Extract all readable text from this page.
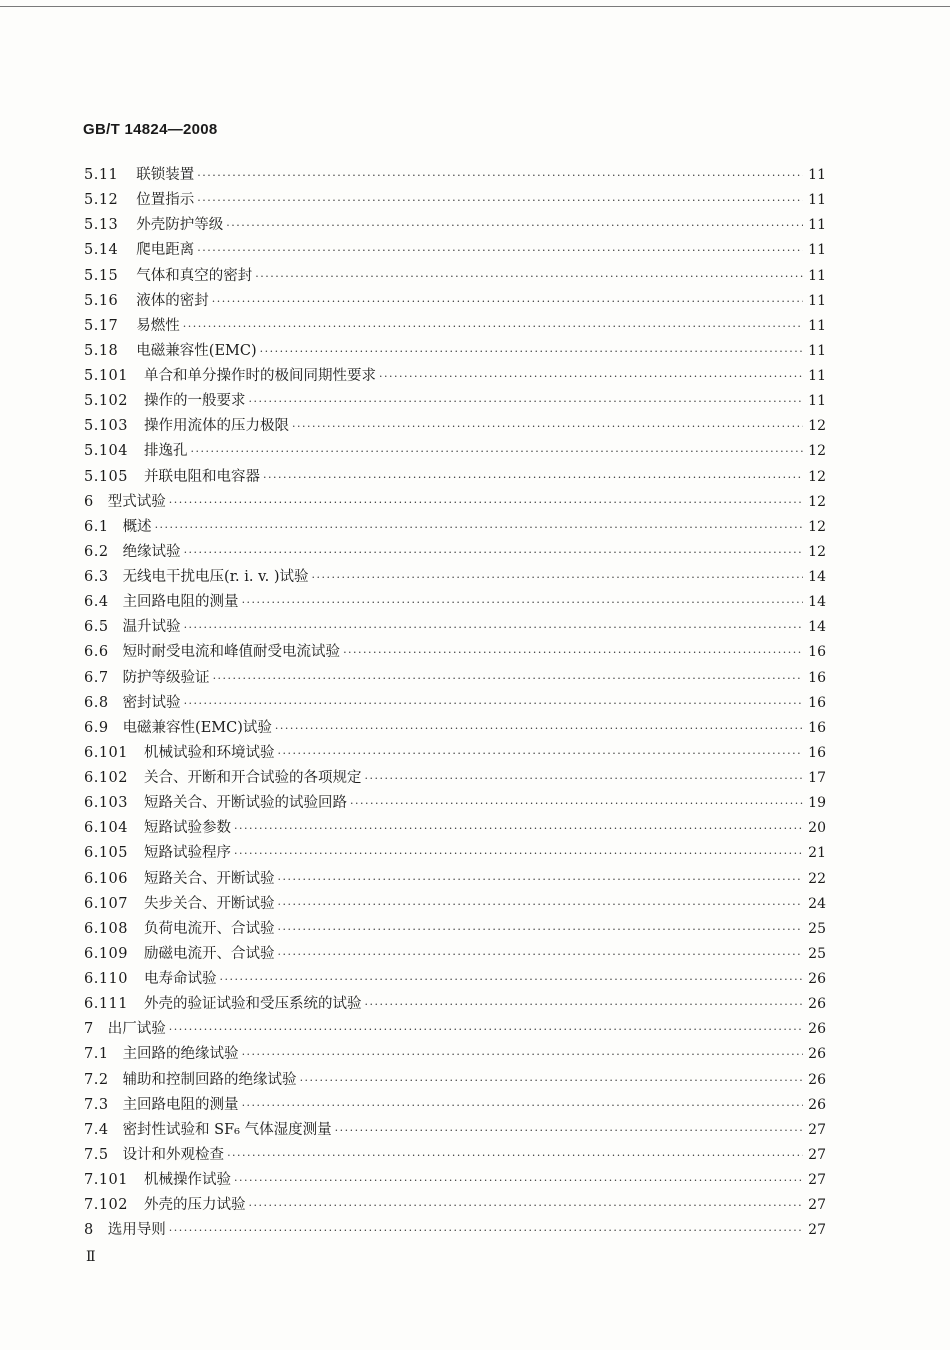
GB/T 14824—2008
5.11 联锁装置 ·····	11
5.12 位置指示 ·····	11
5.13 外壳防护等级 ·····	11
5.14 爬电距离 ·····	11
5.15 气体和真空的密封 ·····	11
5.16 液体的密封 ·····	11
5.17 易燃性 ·····	11
5.18 电磁兼容性(EMC) ·····	11
5.101 单合和单分操作时的极间同期性要求 ·····	11
5.102 操作的一般要求 ·····	11
5.103 操作用流体的压力极限 ·····	12
5.104 排逸孔 ·····	12
5.105 并联电阻和电容器 ·····	12
6 型式试验 ·····	12
6.1 概述 ·····	12
6.2 绝缘试验 ·····	12
6.3 无线电干扰电压(r. i. v. )试验 ·····	14
6.4 主回路电阻的测量 ·····	14
6.5 温升试验 ·····	14
6.6 短时耐受电流和峰值耐受电流试验 ·····	16
6.7 防护等级验证 ·····	16
6.8 密封试验 ·····	16
6.9 电磁兼容性(EMC)试验 ·····	16
6.101 机械试验和环境试验 ·····	16
6.102 关合、开断和开合试验的各项规定 ·····	17
6.103 短路关合、开断试验的试验回路 ·····	19
6.104 短路试验参数 ·····	20
6.105 短路试验程序 ·····	21
6.106 短路关合、开断试验 ·····	22
6.107 失步关合、开断试验 ·····	24
6.108 负荷电流开、合试验 ·····	25
6.109 励磁电流开、合试验 ·····	25
6.110 电寿命试验 ·····	26
6.111 外壳的验证试验和受压系统的试验 ·····	26
7 出厂试验 ·····	26
7.1 主回路的绝缘试验 ·····	26
7.2 辅助和控制回路的绝缘试验 ·····	26
7.3 主回路电阻的测量 ·····	26
7.4 密封性试验和 SF₆ 气体湿度测量 ·····	27
7.5 设计和外观检查 ·····	27
7.101 机械操作试验 ·····	27
7.102 外壳的压力试验 ·····	27
8 选用导则 ·····	27
Ⅱ
